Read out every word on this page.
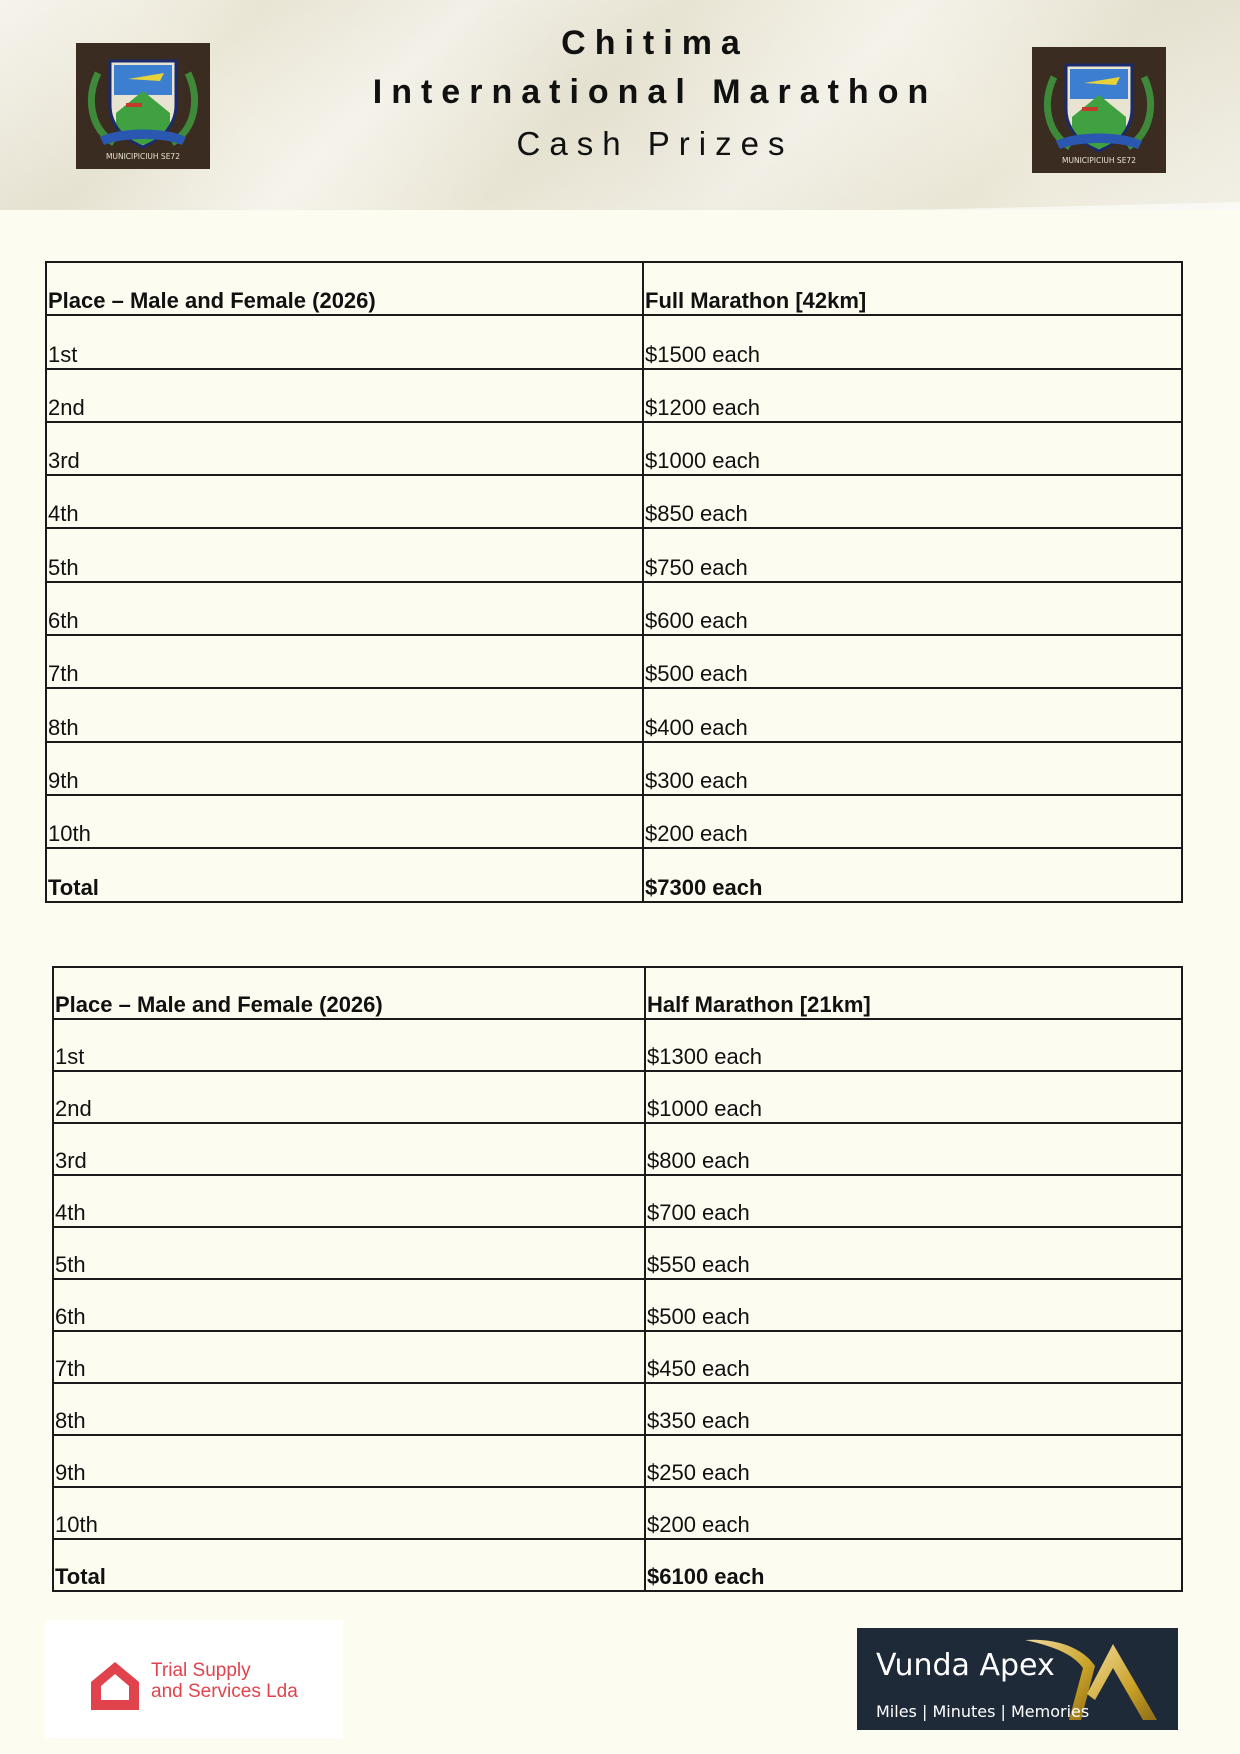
MUNICIPICIUH SE72
Chitima
International Marathon
Cash Prizes	MUNICIPICIUH SE72
Place – Male and Female (2026)	Full Marathon [42km]
1st	$1500 each
2nd	$1200 each
3rd	$1000 each
4th	$850 each
5th	$750 each
6th	$600 each
7th	$500 each
8th	$400 each
9th	$300 each
10th	$200 each
Total	$7300 each
Place – Male and Female (2026)	Half Marathon [21km]
1st	$1300 each
2nd	$1000 each
3rd	$800 each
4th	$700 each
5th	$550 each
6th	$500 each
7th	$450 each
8th	$350 each
9th	$250 each
10th	$200 each
Total	$6100 each
Trial Supply
and Services Lda
Vunda Apex
Miles | Minutes | Memories
